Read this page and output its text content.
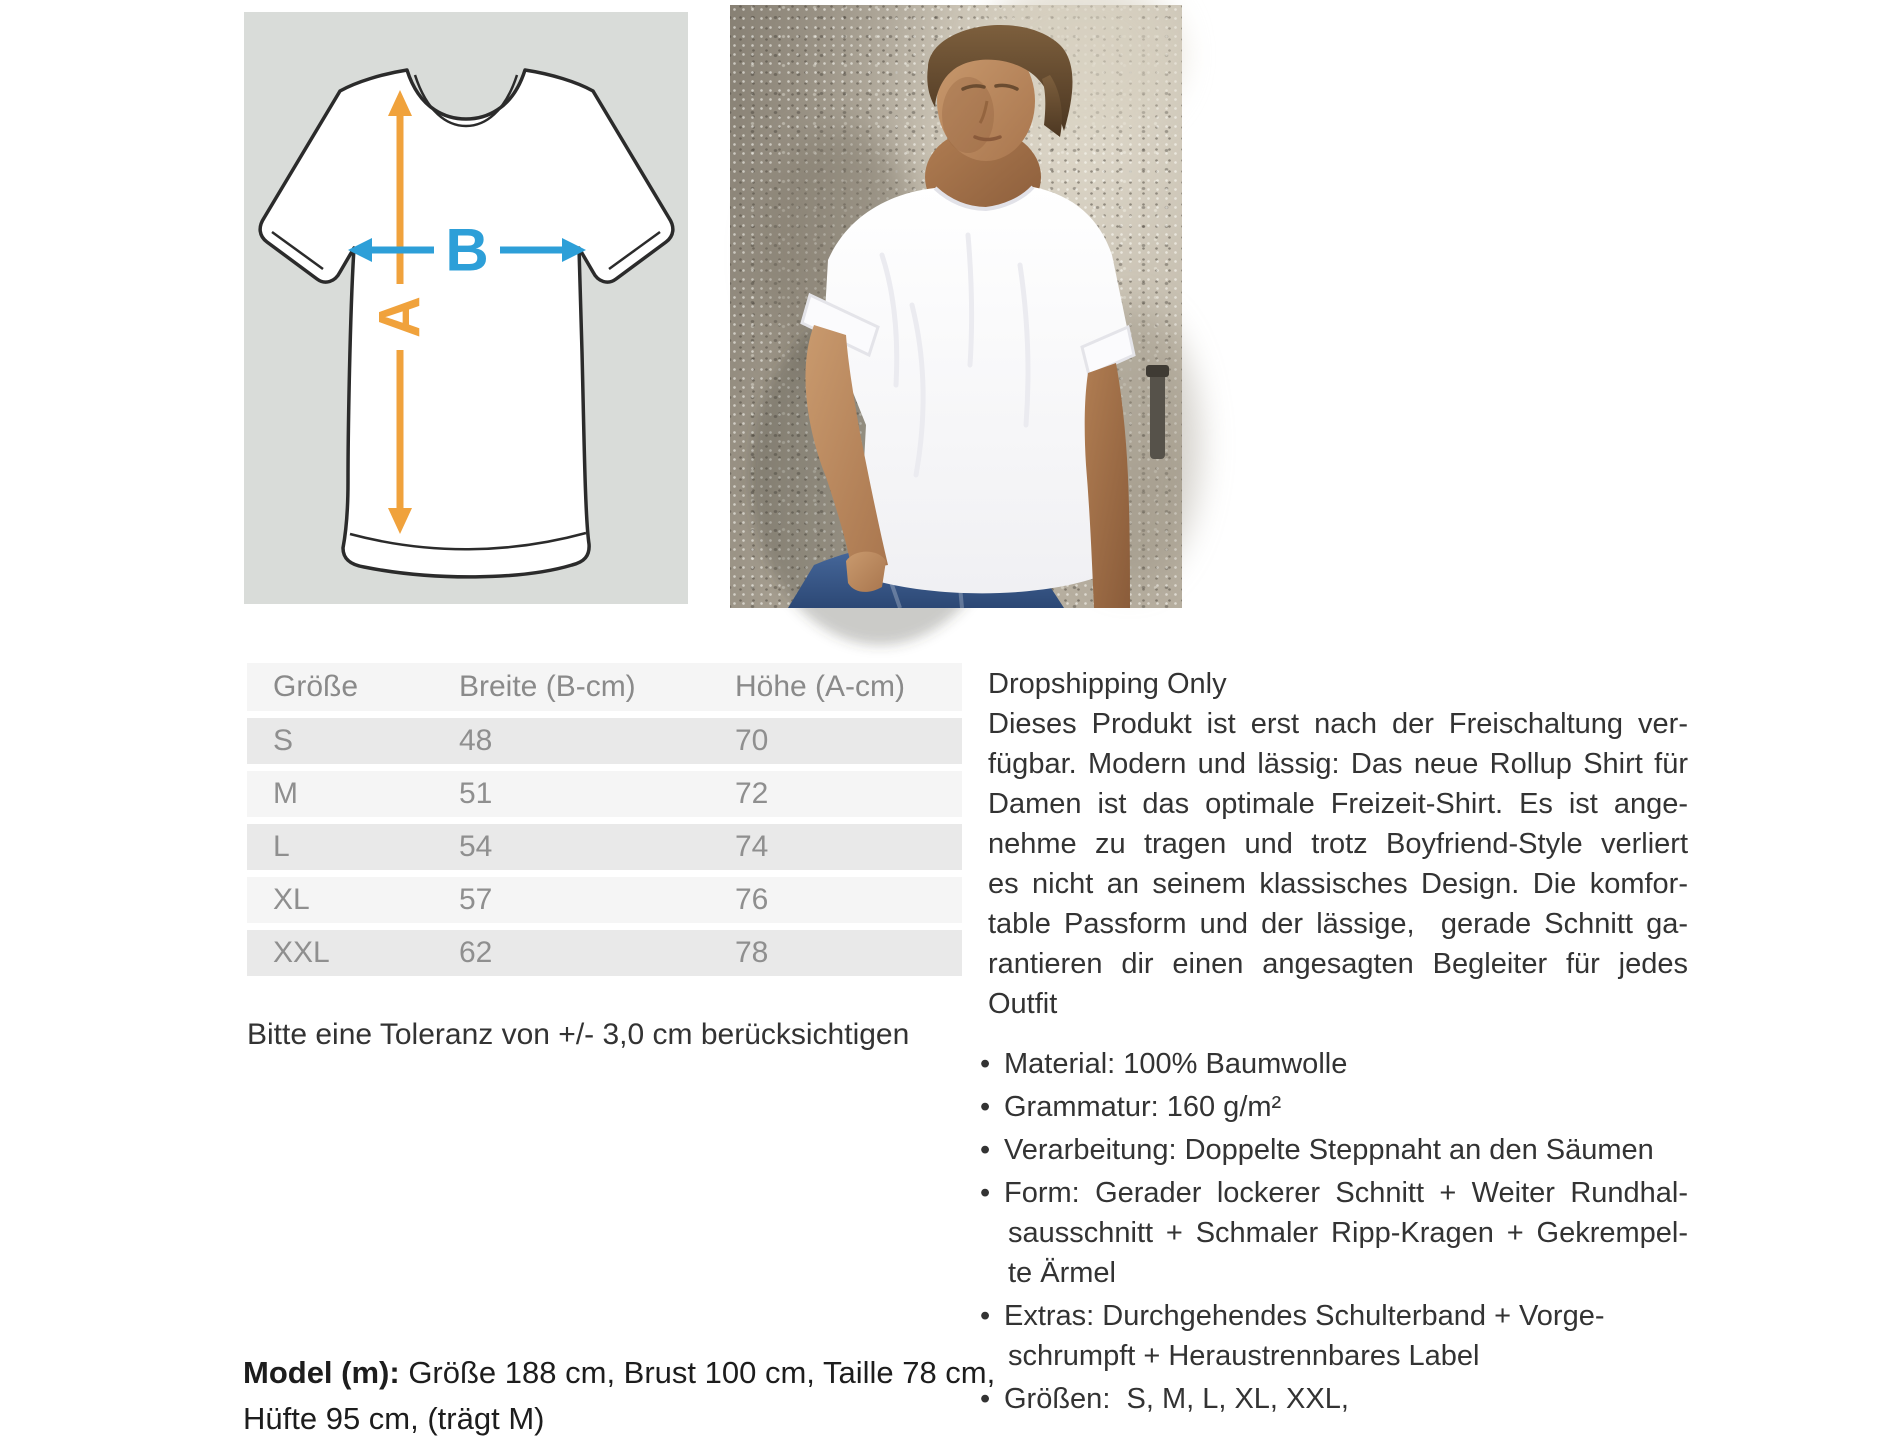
A
B
Größe	Breite (B-cm)	Höhe (A-cm)
S	48	70
M	51	72
L	54	74
XL	57	76
XXL	62	78
Bitte eine Toleranz von +/- 3,0 cm berücksichtigen
Model (m): Größe 188 cm, Brust 100 cm, Taille 78 cm,
Hüfte 95 cm, (trägt M)
Dropshipping Only
Dieses Produkt ist erst nach der Freischaltung ver-
fügbar. Modern und lässig: Das neue Rollup Shirt für
Damen ist das optimale Freizeit-Shirt. Es ist ange-
nehme zu tragen und trotz Boyfriend-Style verliert
es nicht an seinem klassisches Design. Die komfor-
table Passform und der lässige,  gerade Schnitt ga-
rantieren dir einen angesagten Begleiter für jedes
Outfit
• Material: 100% Baumwolle
• Grammatur: 160 g/m²
• Verarbeitung: Doppelte Steppnaht an den Säumen
• Form: Gerader lockerer Schnitt + Weiter Rundhal-
sausschnitt + Schmaler Ripp-Kragen + Gekrempel-
te Ärmel
• Extras: Durchgehendes Schulterband + Vorge-
schrumpft + Heraustrennbares Label
• Größen:  S, M, L, XL, XXL,
